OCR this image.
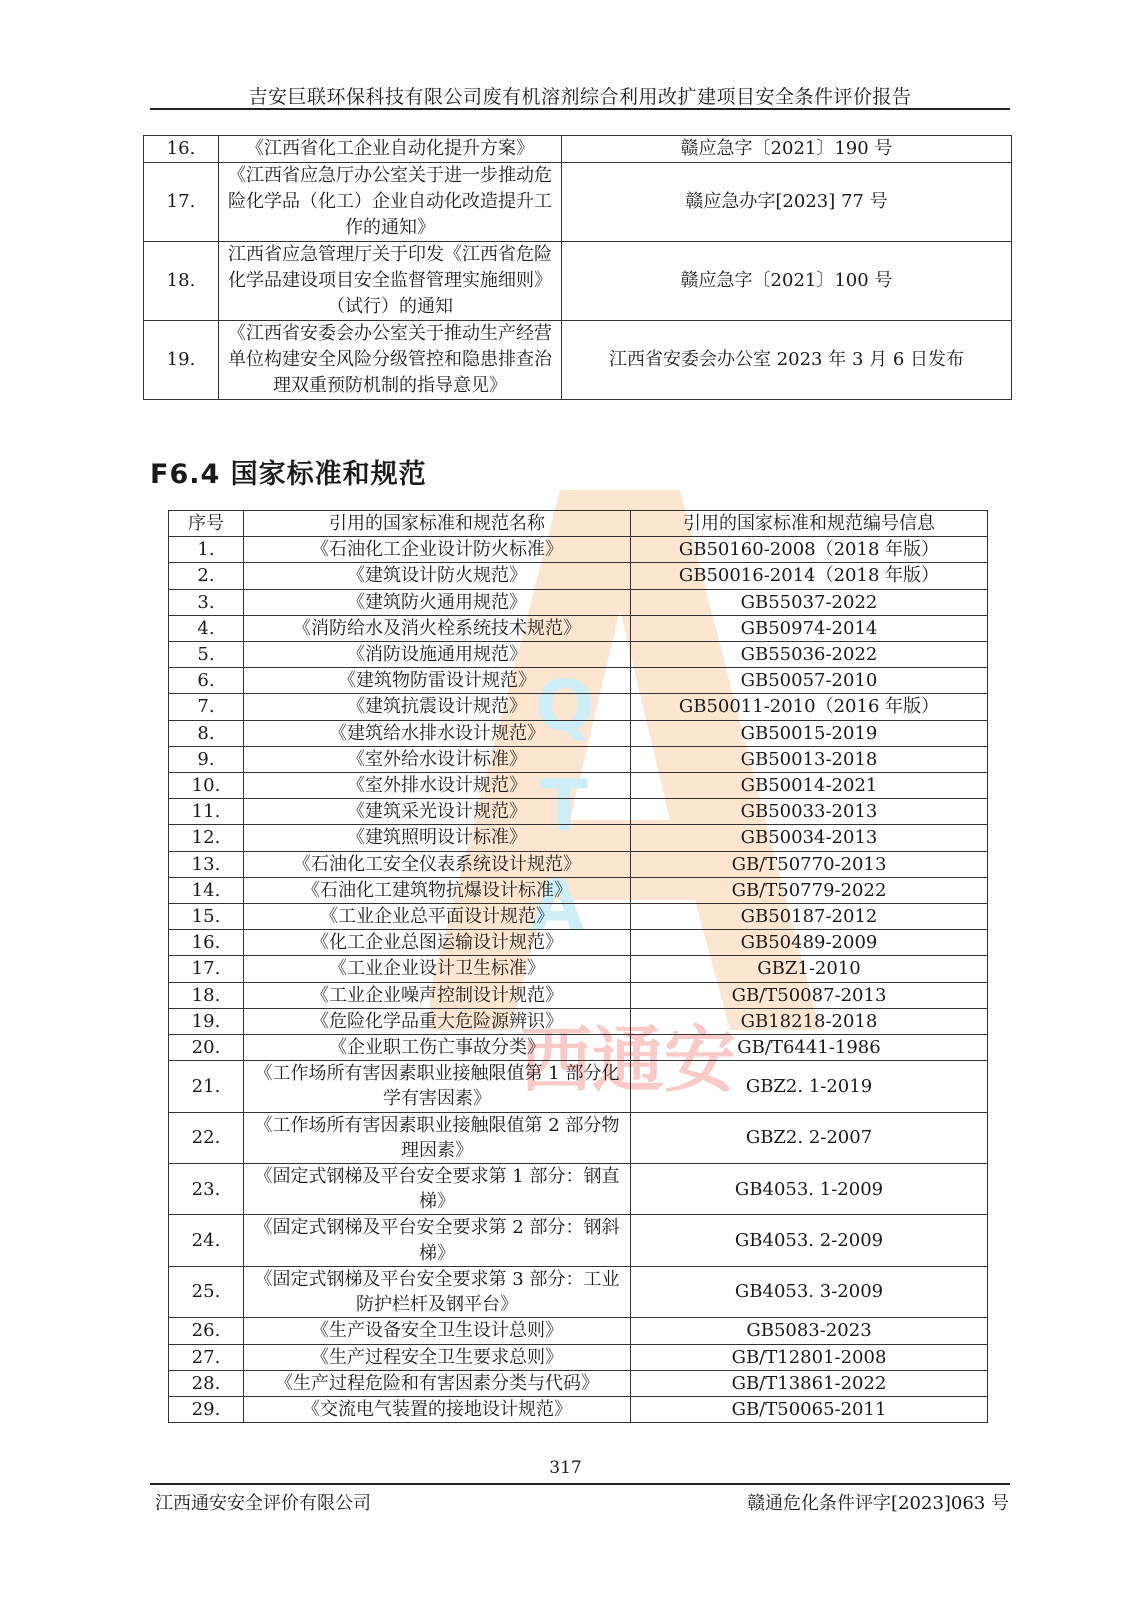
吉安巨联环保科技有限公司废有机溶剂综合利用改扩建项目安全条件评价报告
16.	《江西省化工企业自动化提升方案》	赣应急字〔2021〕190 号
17.	《江西省应急厅办公室关于进一步推动危险化学品（化工）企业自动化改造提升工作的通知》	赣应急办字[2023] 77 号
18.	江西省应急管理厅关于印发《江西省危险化学品建设项目安全监督管理实施细则》（试行）的通知	赣应急字〔2021〕100 号
19.	《江西省安委会办公室关于推动生产经营单位构建安全风险分级管控和隐患排查治理双重预防机制的指导意见》	江西省安委会办公室 2023 年 3 月 6 日发布
F6.4 国家标准和规范
Q
T
A
西通安
序号	引用的国家标准和规范名称	引用的国家标准和规范编号信息
1.	《石油化工企业设计防火标准》	GB50160-2008（2018 年版）
2.	《建筑设计防火规范》	GB50016-2014（2018 年版）
3.	《建筑防火通用规范》	GB55037-2022
4.	《消防给水及消火栓系统技术规范》	GB50974-2014
5.	《消防设施通用规范》	GB55036-2022
6.	《建筑物防雷设计规范》	GB50057-2010
7.	《建筑抗震设计规范》	GB50011-2010（2016 年版）
8.	《建筑给水排水设计规范》	GB50015-2019
9.	《室外给水设计标准》	GB50013-2018
10.	《室外排水设计规范》	GB50014-2021
11.	《建筑采光设计规范》	GB50033-2013
12.	《建筑照明设计标准》	GB50034-2013
13.	《石油化工安全仪表系统设计规范》	GB/T50770-2013
14.	《石油化工建筑物抗爆设计标准》	GB/T50779-2022
15.	《工业企业总平面设计规范》	GB50187-2012
16.	《化工企业总图运输设计规范》	GB50489-2009
17.	《工业企业设计卫生标准》	GBZ1-2010
18.	《工业企业噪声控制设计规范》	GB/T50087-2013
19.	《危险化学品重大危险源辨识》	GB18218-2018
20.	《企业职工伤亡事故分类》	GB/T6441-1986
21.	《工作场所有害因素职业接触限值第 1 部分化学有害因素》	GBZ2. 1-2019
22.	《工作场所有害因素职业接触限值第 2 部分物理因素》	GBZ2. 2-2007
23.	《固定式钢梯及平台安全要求第 1 部分：钢直梯》	GB4053. 1-2009
24.	《固定式钢梯及平台安全要求第 2 部分：钢斜梯》	GB4053. 2-2009
25.	《固定式钢梯及平台安全要求第 3 部分：工业防护栏杆及钢平台》	GB4053. 3-2009
26.	《生产设备安全卫生设计总则》	GB5083-2023
27.	《生产过程安全卫生要求总则》	GB/T12801-2008
28.	《生产过程危险和有害因素分类与代码》	GB/T13861-2022
29.	《交流电气装置的接地设计规范》	GB/T50065-2011
317
江西通安安全评价有限公司	赣通危化条件评字[2023]063 号
